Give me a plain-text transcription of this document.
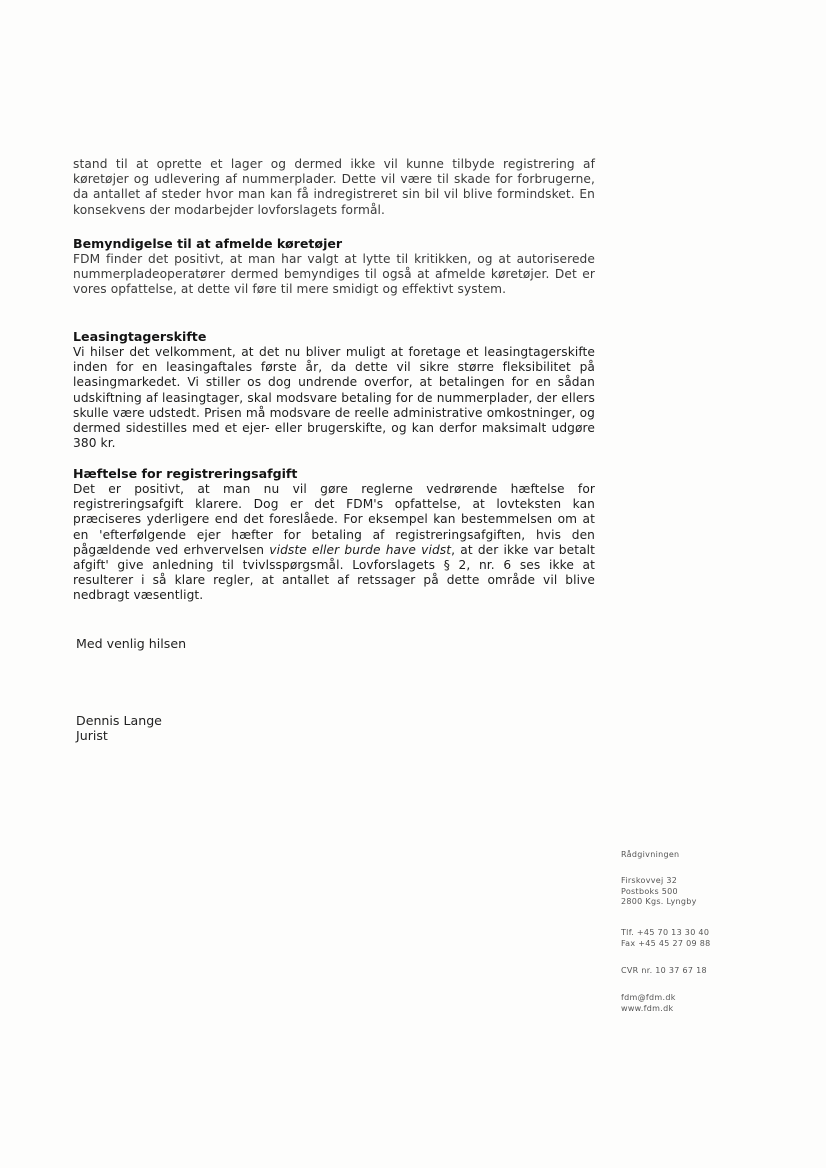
stand til at oprette et lager og dermed ikke vil kunne tilbyde registrering af køretøjer og udlevering af nummerplader. Dette vil være til skade for forbrugerne, da antallet af steder hvor man kan få indregistreret sin bil vil blive formindsket. En konsekvens der modarbejder lovforslagets formål.

Bemyndigelse til at afmelde køretøjer

FDM finder det positivt, at man har valgt at lytte til kritikken, og at autoriserede nummerpladeoperatører dermed bemyndiges til også at afmelde køretøjer. Det er vores opfattelse, at dette vil føre til mere smidigt og effektivt system.

Leasingtagerskifte

Vi hilser det velkomment, at det nu bliver muligt at foretage et leasingtagerskifte inden for en leasingaftales første år, da dette vil sikre større fleksibilitet på leasingmarkedet. Vi stiller os dog undrende overfor, at betalingen for en sådan udskiftning af leasingtager, skal modsvare betaling for de nummerplader, der ellers skulle være udstedt. Prisen må modsvare de reelle administrative omkostninger, og dermed sidestilles med et ejer- eller brugerskifte, og kan derfor maksimalt udgøre 380 kr.

Hæftelse for registreringsafgift

Det er positivt, at man nu vil gøre reglerne vedrørende hæftelse for registreringsafgift klarere. Dog er det FDM's opfattelse, at lovteksten kan præciseres yderligere end det foreslåede. For eksempel kan bestemmelsen om at en 'efterfølgende ejer hæfter for betaling af registreringsafgiften, hvis den pågældende ved erhvervelsen vidste eller burde have vidst, at der ikke var betalt afgift' give anledning til tvivlsspørgsmål. Lovforslagets § 2, nr. 6 ses ikke at resulterer i så klare regler, at antallet af retssager på dette område vil blive nedbragt væsentligt.

Med venlig hilsen

Dennis Lange

Jurist

Rådgivningen
Firskovvej 32
Postboks 500
2800 Kgs. Lyngby
Tlf. +45 70 13 30 40
Fax +45 45 27 09 88
CVR nr. 10 37 67 18
fdm@fdm.dk
www.fdm.dk
